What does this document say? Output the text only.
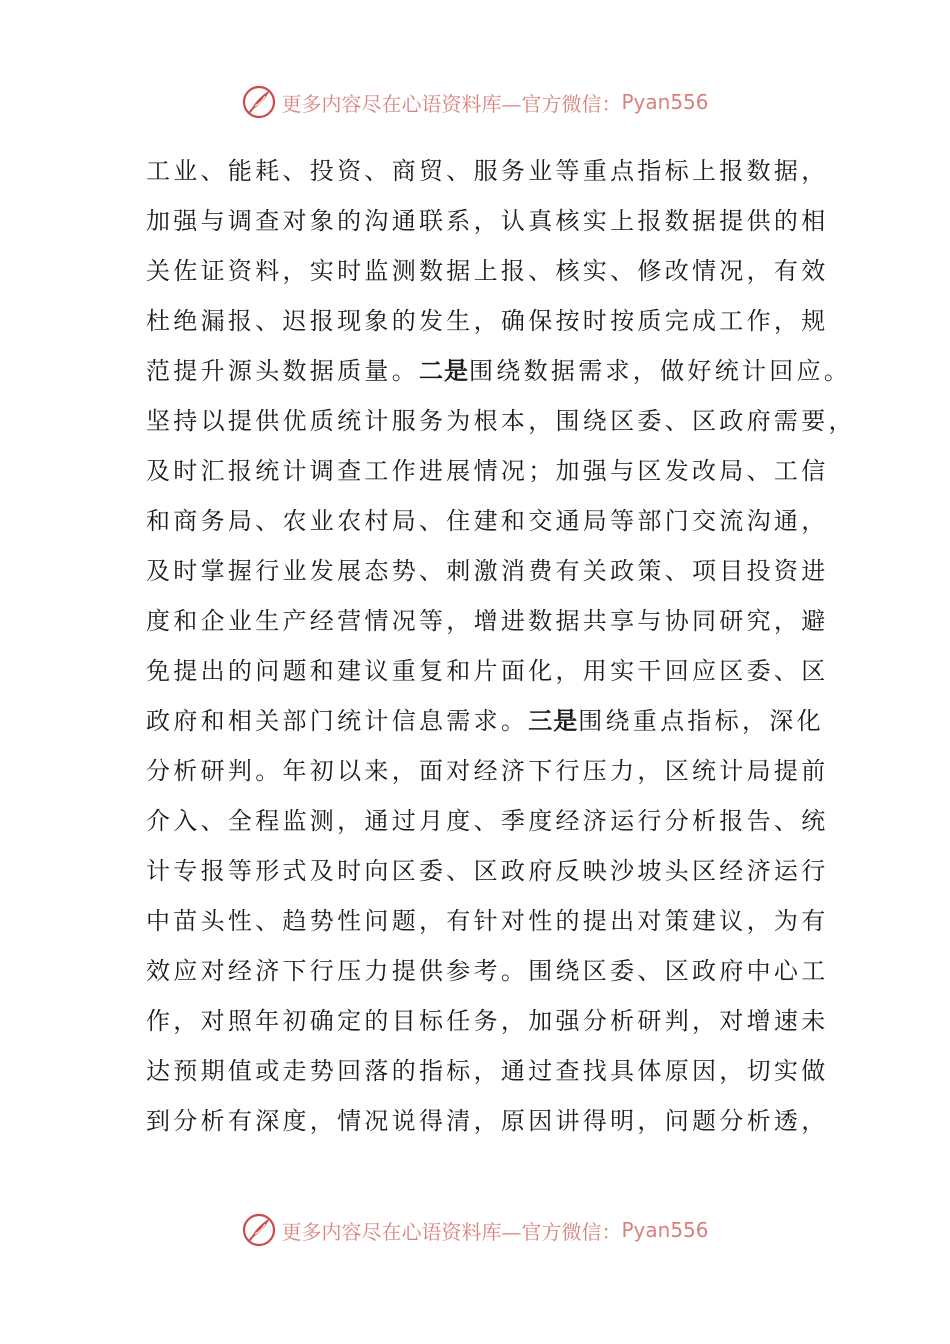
更多内容尽在心语资料库—官方微信： Pyan556
工业、能耗、投资、商贸、服务业等重点指标上报数据，
加强与调查对象的沟通联系，认真核实上报数据提供的相
关佐证资料，实时监测数据上报、核实、修改情况，有效
杜绝漏报、迟报现象的发生，确保按时按质完成工作，规
范提升源头数据质量。二是围绕数据需求，做好统计回应。
坚持以提供优质统计服务为根本，围绕区委、区政府需要，
及时汇报统计调查工作进展情况；加强与区发改局、工信
和商务局、农业农村局、住建和交通局等部门交流沟通，
及时掌握行业发展态势、刺激消费有关政策、项目投资进
度和企业生产经营情况等，增进数据共享与协同研究，避
免提出的问题和建议重复和片面化，用实干回应区委、区
政府和相关部门统计信息需求。三是围绕重点指标，深化
分析研判。年初以来，面对经济下行压力，区统计局提前
介入、全程监测，通过月度、季度经济运行分析报告、统
计专报等形式及时向区委、区政府反映沙坡头区经济运行
中苗头性、趋势性问题，有针对性的提出对策建议，为有
效应对经济下行压力提供参考。围绕区委、区政府中心工
作，对照年初确定的目标任务，加强分析研判，对增速未
达预期值或走势回落的指标，通过查找具体原因，切实做
到分析有深度，情况说得清，原因讲得明，问题分析透，
更多内容尽在心语资料库—官方微信： Pyan556
